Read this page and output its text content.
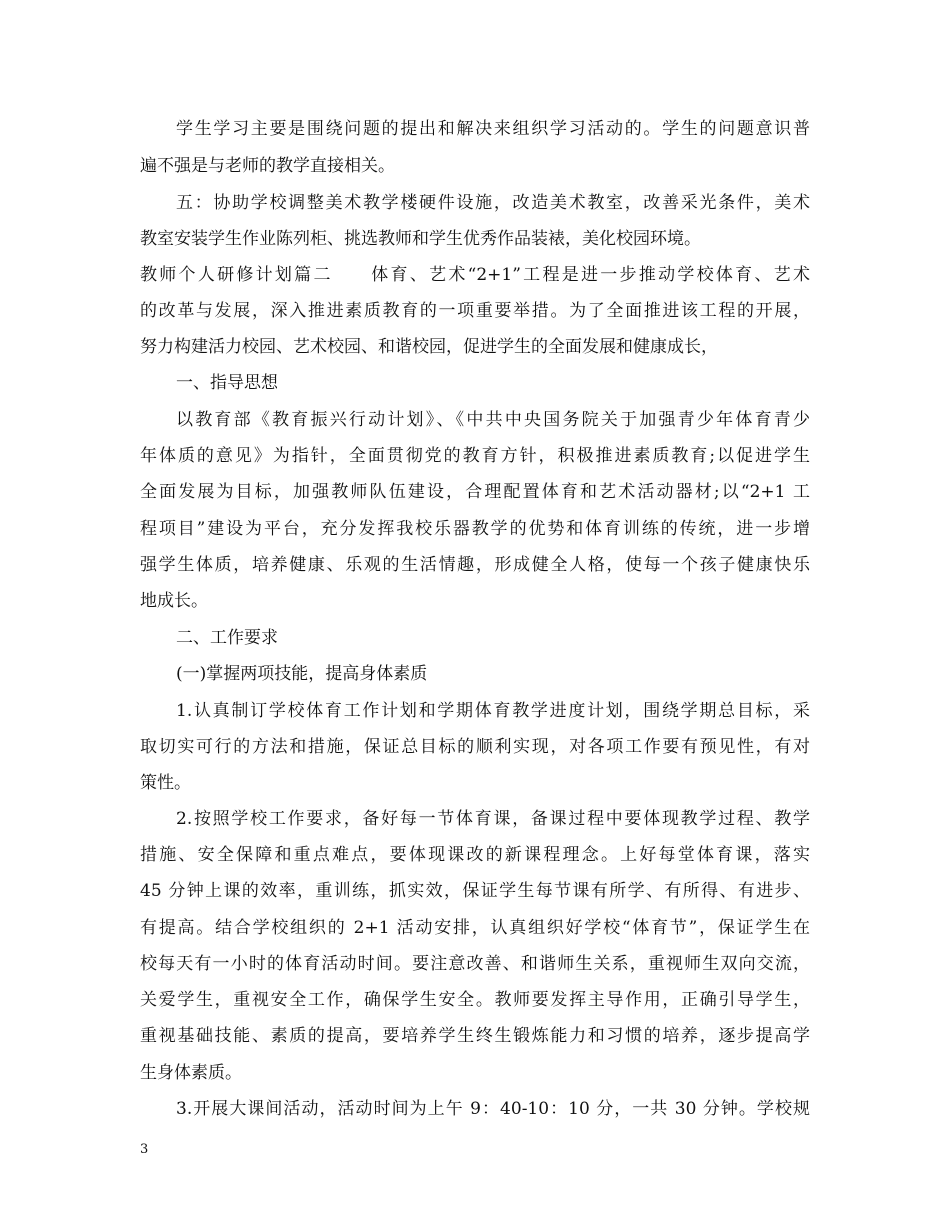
学生学习主要是围绕问题的提出和解决来组织学习活动的。学生的问题意识普
遍不强是与老师的教学直接相关。
五：协助学校调整美术教学楼硬件设施，改造美术教室，改善采光条件，美术
教室安装学生作业陈列柜、挑选教师和学生优秀作品装裱，美化校园环境。
教师个人研修计划篇二　　体育、艺术“2+1”工程是进一步推动学校体育、艺术
的改革与发展，深入推进素质教育的一项重要举措。为了全面推进该工程的开展，
努力构建活力校园、艺术校园、和谐校园，促进学生的全面发展和健康成长，
一、指导思想
以教育部《教育振兴行动计划》、《中共中央国务院关于加强青少年体育青少
年体质的意见》为指针，全面贯彻党的教育方针，积极推进素质教育;以促进学生
全面发展为目标，加强教师队伍建设，合理配置体育和艺术活动器材;以“2+1 工
程项目”建设为平台，充分发挥我校乐器教学的优势和体育训练的传统，进一步增
强学生体质，培养健康、乐观的生活情趣，形成健全人格，使每一个孩子健康快乐
地成长。
二、工作要求
(一)掌握两项技能，提高身体素质
1.认真制订学校体育工作计划和学期体育教学进度计划，围绕学期总目标，采
取切实可行的方法和措施，保证总目标的顺利实现，对各项工作要有预见性，有对
策性。
2.按照学校工作要求，备好每一节体育课，备课过程中要体现教学过程、教学
措施、安全保障和重点难点，要体现课改的新课程理念。上好每堂体育课，落实
45 分钟上课的效率，重训练，抓实效，保证学生每节课有所学、有所得、有进步、
有提高。结合学校组织的 2+1 活动安排，认真组织好学校“体育节”，保证学生在
校每天有一小时的体育活动时间。要注意改善、和谐师生关系，重视师生双向交流，
关爱学生，重视安全工作，确保学生安全。教师要发挥主导作用，正确引导学生，
重视基础技能、素质的提高，要培养学生终生锻炼能力和习惯的培养，逐步提高学
生身体素质。
3.开展大课间活动，活动时间为上午 9：40-10：10 分，一共 30 分钟。学校规
3
